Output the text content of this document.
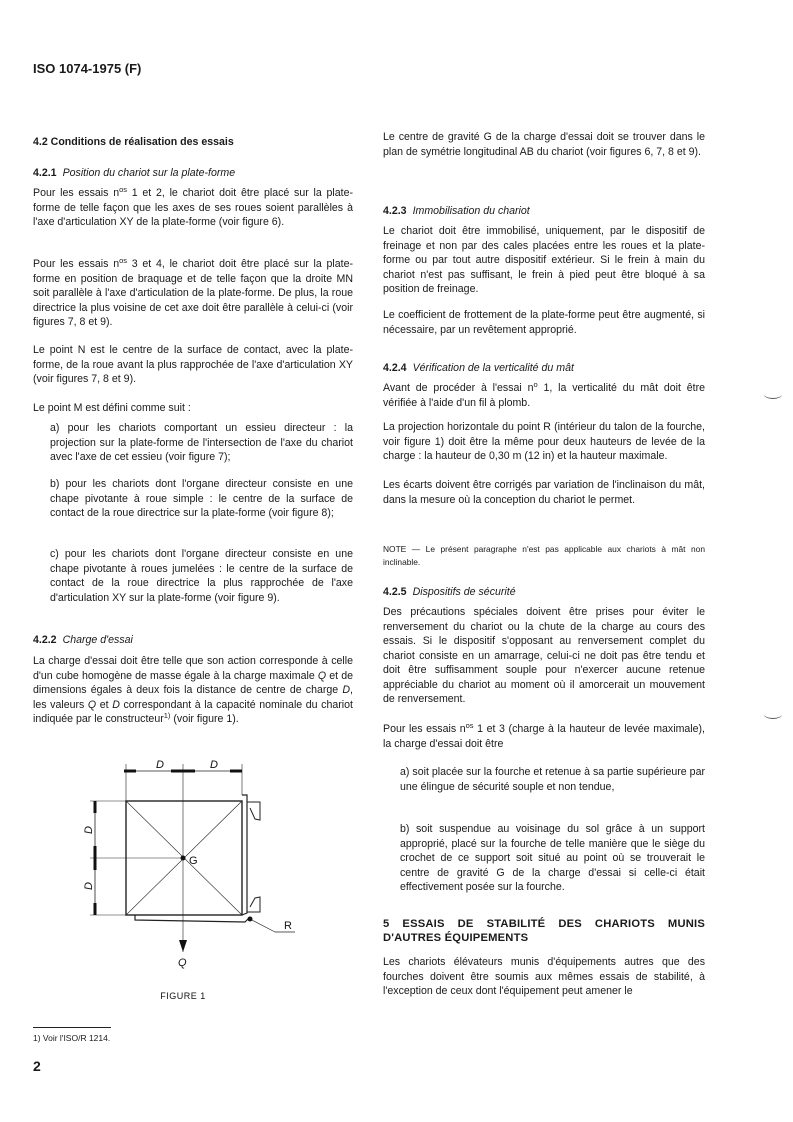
ISO 1074-1975 (F)
4.2 Conditions de réalisation des essais
4.2.1 Position du chariot sur la plate-forme
Pour les essais $n^{os}$ 1 et 2, le chariot doit être placé sur la plate-forme de telle façon que les axes de ses roues soient parallèles à l'axe d'articulation XY de la plate-forme (voir figure 6).
Pour les essais $n^{os}$ 3 et 4, le chariot doit être placé sur la plate-forme en position de braquage et de telle façon que la droite MN soit parallèle à l'axe d'articulation de la plate-forme. De plus, la roue directrice la plus voisine de cet axe doit être parallèle à celui-ci (voir figures 7, 8 et 9).
Le point N est le centre de la surface de contact, avec la plate-forme, de la roue avant la plus rapprochée de l'axe d'articulation XY (voir figures 7, 8 et 9).
Le point M est défini comme suit :
a) pour les chariots comportant un essieu directeur : la projection sur la plate-forme de l'intersection de l'axe du chariot avec l'axe de cet essieu (voir figure 7);
b) pour les chariots dont l'organe directeur consiste en une chape pivotante à roue simple : le centre de la surface de contact de la roue directrice sur la plate-forme (voir figure 8);
c) pour les chariots dont l'organe directeur consiste en une chape pivotante à roues jumelées : le centre de la surface de contact de la roue directrice la plus rapprochée de l'axe d'articulation XY sur la plate-forme (voir figure 9).
4.2.2 Charge d'essai
La charge d'essai doit être telle que son action corresponde à celle d'un cube homogène de masse égale à la charge maximale Q et de dimensions égales à deux fois la distance de centre de charge D, les valeurs Q et D correspondant à la capacité nominale du chariot indiquée par le constructeur$^{1)}$ (voir figure 1).
D	D
D
D
G
Q
R
FIGURE 1
Le centre de gravité G de la charge d'essai doit se trouver dans le plan de symétrie longitudinal AB du chariot (voir figures 6, 7, 8 et 9).
4.2.3 Immobilisation du chariot
Le chariot doit être immobilisé, uniquement, par le dispositif de freinage et non par des cales placées entre les roues et la plate-forme ou par tout autre dispositif extérieur. Si le frein à main du chariot n'est pas suffisant, le frein à pied peut être bloqué à sa position de freinage.
Le coefficient de frottement de la plate-forme peut être augmenté, si nécessaire, par un revêtement approprié.
4.2.4 Vérification de la verticalité du mât
Avant de procéder à l'essai $n^o$ 1, la verticalité du mât doit être vérifiée à l'aide d'un fil à plomb.
La projection horizontale du point R (intérieur du talon de la fourche, voir figure 1) doit être la même pour deux hauteurs de levée de la charge : la hauteur de 0,30 m (12 in) et la hauteur maximale.
Les écarts doivent être corrigés par variation de l'inclinaison du mât, dans la mesure où la conception du chariot le permet.
NOTE — Le présent paragraphe n'est pas applicable aux chariots à mât non inclinable.
4.2.5 Dispositifs de sécurité
Des précautions spéciales doivent être prises pour éviter le renversement du chariot ou la chute de la charge au cours des essais. Si le dispositif s'opposant au renversement complet du chariot consiste en un amarrage, celui-ci ne doit pas être tendu et doit être suffisamment souple pour n'exercer aucune retenue appréciable du chariot au moment où il amorcerait un mouvement de renversement.
Pour les essais $n^{os}$ 1 et 3 (charge à la hauteur de levée maximale), la charge d'essai doit être
a) soit placée sur la fourche et retenue à sa partie supérieure par une élingue de sécurité souple et non tendue,
b) soit suspendue au voisinage du sol grâce à un support approprié, placé sur la fourche de telle manière que le siège du crochet de ce support soit situé au point où se trouverait le centre de gravité G de la charge d'essai si celle-ci était effectivement posée sur la fourche.
5 ESSAIS DE STABILITÉ DES CHARIOTS MUNIS D'AUTRES ÉQUIPEMENTS
Les chariots élévateurs munis d'équipements autres que des fourches doivent être soumis aux mêmes essais de stabilité, à l'exception de ceux dont l'équipement peut amener le
1) Voir l'ISO/R 1214.
2
